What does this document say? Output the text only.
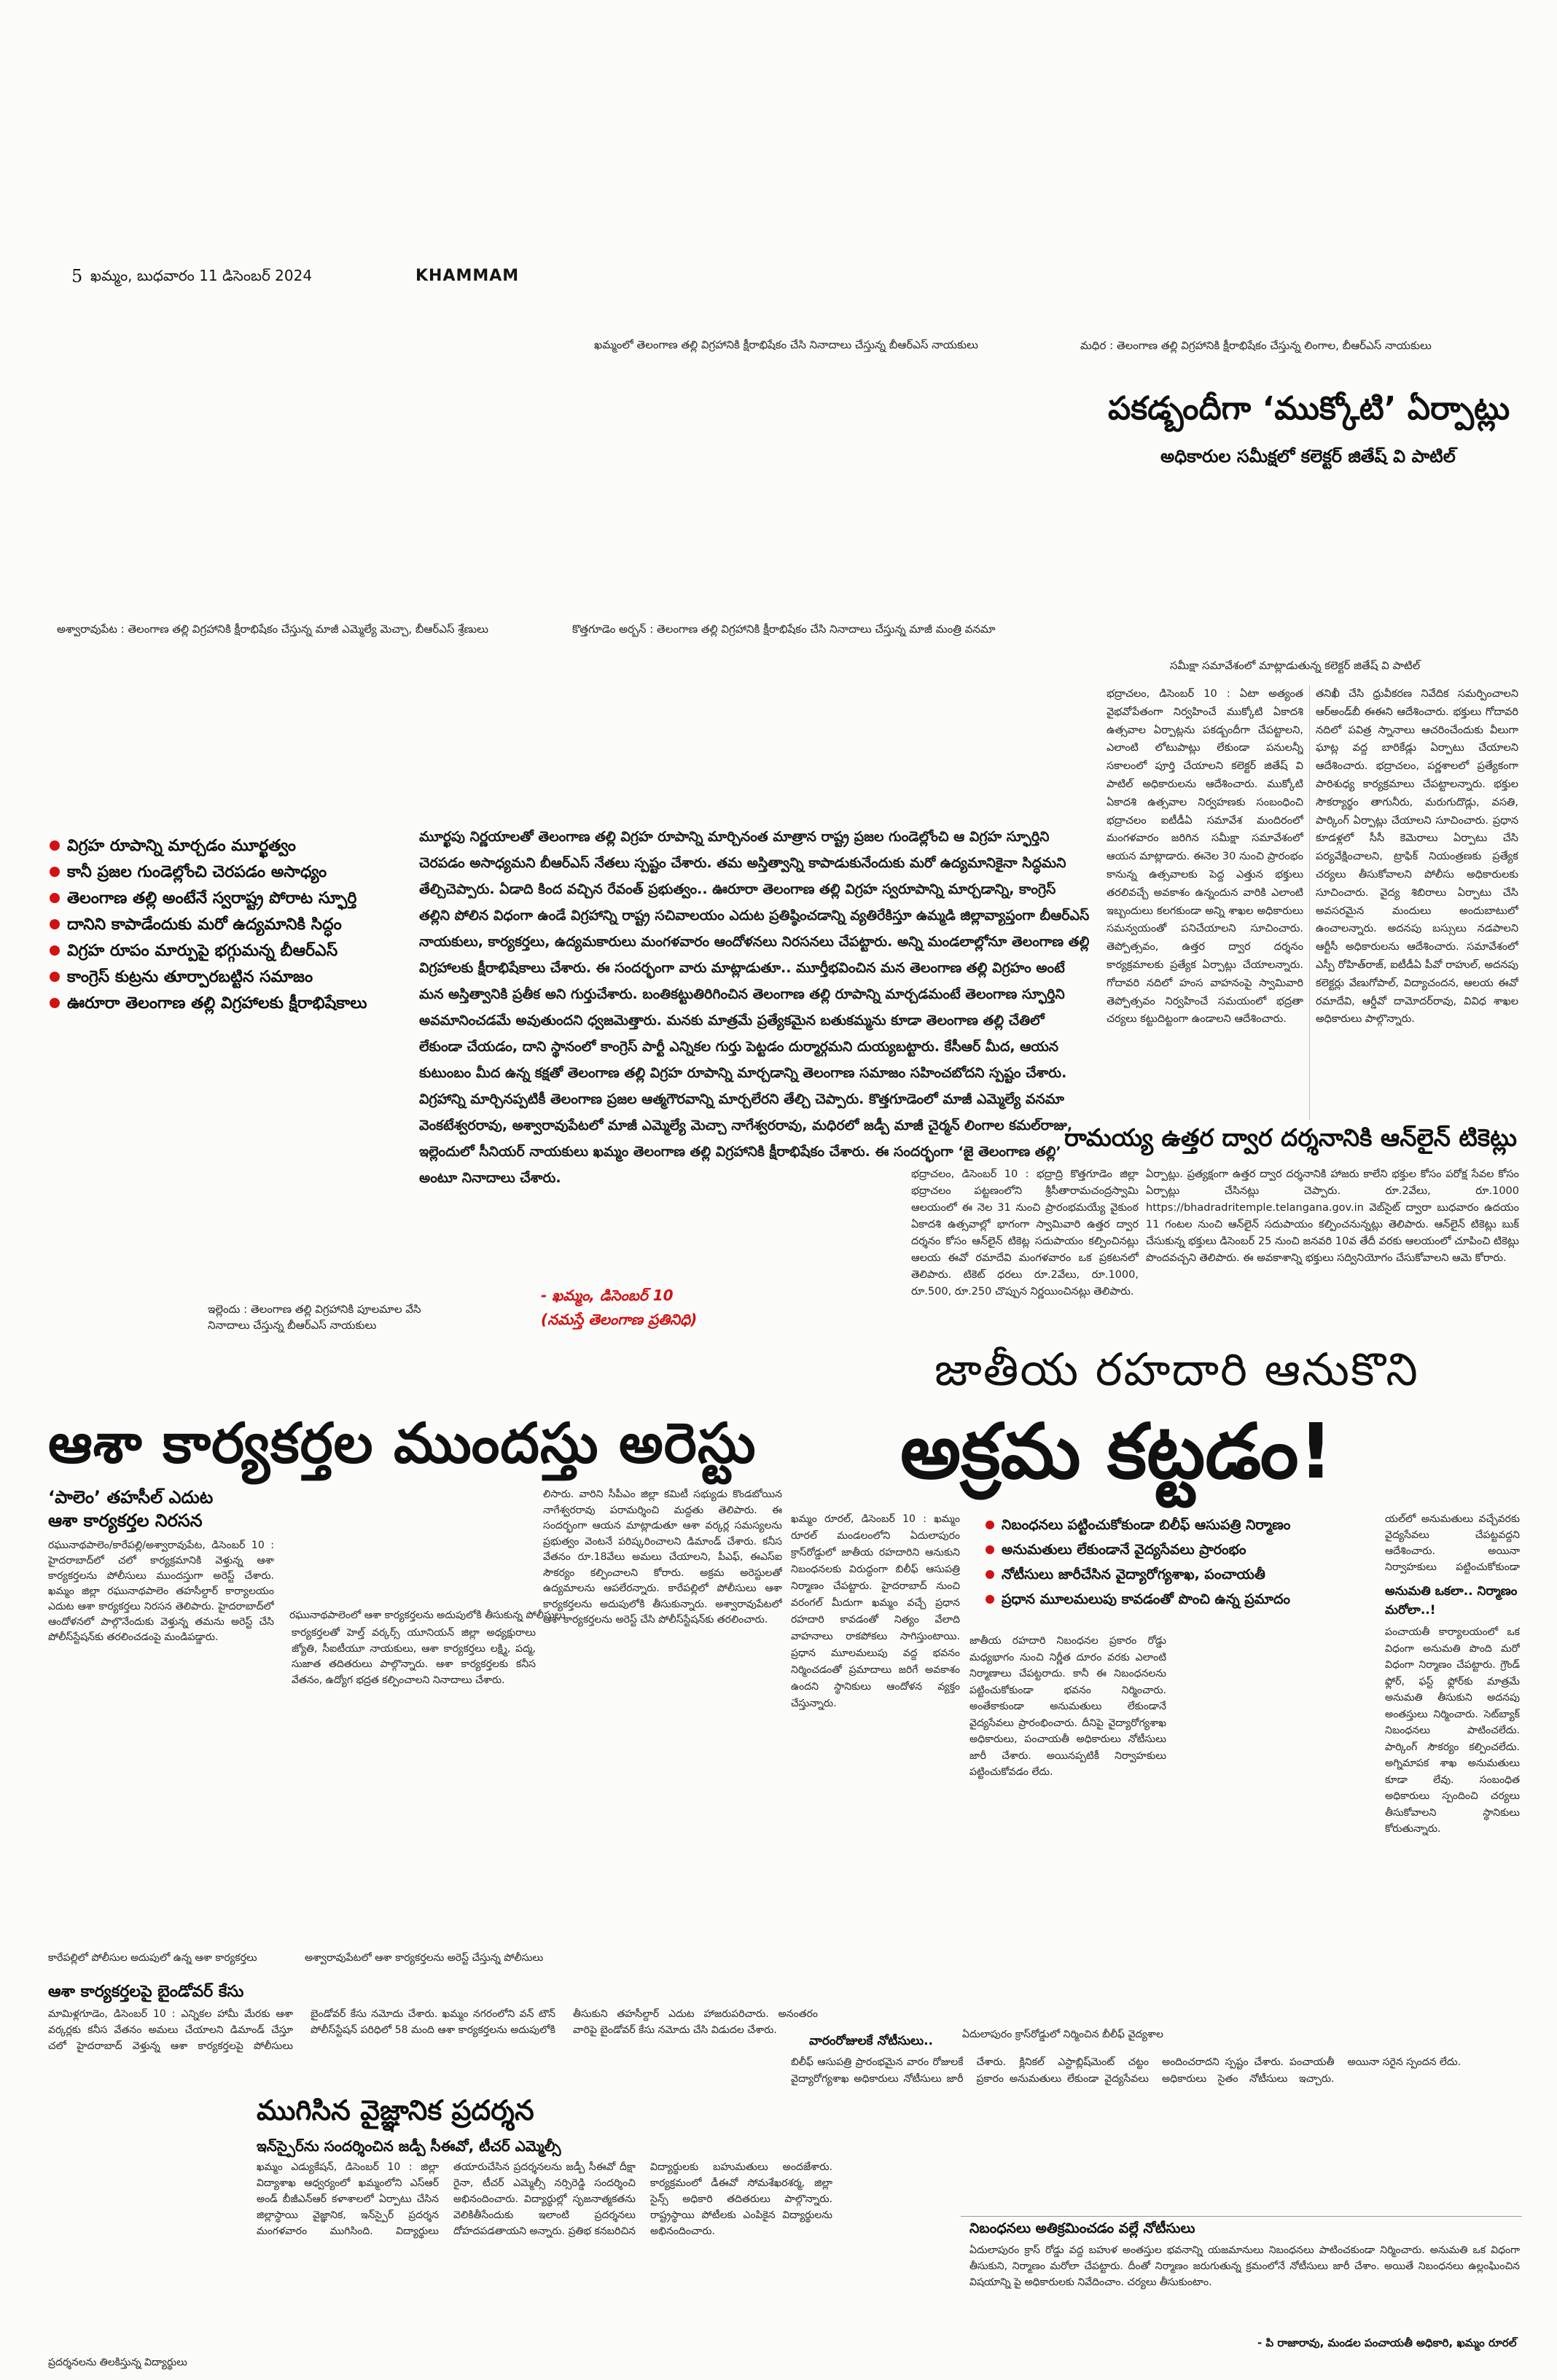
5 ఖమ్మం, బుధవారం 11 డిసెంబర్ 2024	KHAMMAM
ఖమ్మంలో తెలంగాణ తల్లి విగ్రహానికి క్షీరాభిషేకం చేసి నినాదాలు చేస్తున్న బీఆర్ఎస్ నాయకులు	మధిర : తెలంగాణ తల్లి విగ్రహానికి క్షీరాభిషేకం చేస్తున్న లింగాల, బీఆర్ఎస్ నాయకులు
పకడ్బందీగా ‘ముక్కోటి’ ఏర్పాట్లు
అధికారుల సమీక్షలో కలెక్టర్ జితేష్ వి పాటిల్
అశ్వారావుపేట : తెలంగాణ తల్లి విగ్రహానికి క్షీరాభిషేకం చేస్తున్న మాజీ ఎమ్మెల్యే మెచ్చా, బీఆర్ఎస్ శ్రేణులు	కొత్తగూడెం అర్బన్ : తెలంగాణ తల్లి విగ్రహానికి క్షీరాభిషేకం చేసి నినాదాలు చేస్తున్న మాజీ మంత్రి వనమా
సమీక్షా సమావేశంలో మాట్లాడుతున్న కలెక్టర్ జితేష్ వి పాటిల్
భద్రాచలం, డిసెంబర్ 10 : ఏటా అత్యంత వైభవోపేతంగా నిర్వహించే ముక్కోటి ఏకాదశి ఉత్సవాల ఏర్పాట్లను పకడ్బందీగా చేపట్టాలని, ఎలాంటి లోటుపాట్లు లేకుండా పనులన్నీ సకాలంలో పూర్తి చేయాలని కలెక్టర్ జితేష్ వి పాటిల్ అధికారులను ఆదేశించారు. ముక్కోటి ఏకాదశి ఉత్సవాల నిర్వహణకు సంబంధించి భద్రాచలం ఐటీడీఏ సమావేశ మందిరంలో మంగళవారం జరిగిన సమీక్షా సమావేశంలో ఆయన మాట్లాడారు. ఈనెల 30 నుంచి ప్రారంభం కానున్న ఉత్సవాలకు పెద్ద ఎత్తున భక్తులు తరలివచ్చే అవకాశం ఉన్నందున వారికి ఎలాంటి ఇబ్బందులు కలగకుండా అన్ని శాఖల అధికారులు సమన్వయంతో పనిచేయాలని సూచించారు. తెప్పోత్సవం, ఉత్తర ద్వార దర్శనం కార్యక్రమాలకు ప్రత్యేక ఏర్పాట్లు చేయాలన్నారు. గోదావరి నదిలో హంస వాహనంపై స్వామివారి తెప్పోత్సవం నిర్వహించే సమయంలో భద్రతా చర్యలు కట్టుదిట్టంగా ఉండాలని ఆదేశించారు.
తనిఖీ చేసి ధ్రువీకరణ నివేదిక సమర్పించాలని ఆర్‌అండ్‌బీ ఈఈని ఆదేశించారు. భక్తులు గోదావరి నదిలో పవిత్ర స్నానాలు ఆచరించేందుకు వీలుగా ఘాట్ల వద్ద బారికేడ్లు ఏర్పాటు చేయాలని ఆదేశించారు. భద్రాచలం, పర్ణశాలలో ప్రత్యేకంగా పారిశుధ్య కార్యక్రమాలు చేపట్టాలన్నారు. భక్తుల సౌకర్యార్థం తాగునీరు, మరుగుదొడ్లు, వసతి, పార్కింగ్ ఏర్పాట్లు చేయాలని సూచించారు. ప్రధాన కూడళ్లలో సీసీ కెమెరాలు ఏర్పాటు చేసి పర్యవేక్షించాలని, ట్రాఫిక్ నియంత్రణకు ప్రత్యేక చర్యలు తీసుకోవాలని పోలీసు అధికారులకు సూచించారు. వైద్య శిబిరాలు ఏర్పాటు చేసి అవసరమైన మందులు అందుబాటులో ఉంచాలన్నారు. అదనపు బస్సులు నడపాలని ఆర్టీసీ అధికారులను ఆదేశించారు. సమావేశంలో ఎస్పీ రోహిత్‌రాజ్, ఐటీడీఏ పీవో రాహుల్, అదనపు కలెక్టర్లు వేణుగోపాల్, విద్యాచందన, ఆలయ ఈవో రమాదేవి, ఆర్డీవో దామోదర్‌రావు, వివిధ శాఖల అధికారులు పాల్గొన్నారు.
విగ్రహ రూపాన్ని మార్చడం మూర్ఖత్వం
కానీ ప్రజల గుండెల్లోంచి చెరపడం అసాధ్యం
తెలంగాణ తల్లి అంటేనే స్వరాష్ట్ర పోరాట స్ఫూర్తి
దానిని కాపాడేందుకు మరో ఉద్యమానికి సిద్ధం
విగ్రహ రూపం మార్పుపై భగ్గుమన్న బీఆర్ఎస్
కాంగ్రెస్ కుట్రను తూర్పారబట్టిన సమాజం
ఊరూరా తెలంగాణ తల్లి విగ్రహాలకు క్షీరాభిషేకాలు
మూర్ఖపు నిర్ణయాలతో తెలంగాణ తల్లి విగ్రహ రూపాన్ని మార్చినంత మాత్రాన రాష్ట్ర ప్రజల గుండెల్లోంచి ఆ విగ్రహ స్ఫూర్తిని చెరపడం అసాధ్యమని బీఆర్ఎస్ నేతలు స్పష్టం చేశారు. తమ అస్తిత్వాన్ని కాపాడుకునేందుకు మరో ఉద్యమానికైనా సిద్ధమని తేల్చిచెప్పారు. ఏడాది కింద వచ్చిన రేవంత్ ప్రభుత్వం.. ఊరూరా తెలంగాణ తల్లి విగ్రహ స్వరూపాన్ని మార్చడాన్ని, కాంగ్రెస్ తల్లిని పోలిన విధంగా ఉండే విగ్రహాన్ని రాష్ట్ర సచివాలయం ఎదుట ప్రతిష్ఠించడాన్ని వ్యతిరేకిస్తూ ఉమ్మడి జిల్లావ్యాప్తంగా బీఆర్ఎస్ నాయకులు, కార్యకర్తలు, ఉద్యమకారులు మంగళవారం ఆందోళనలు నిరసనలు చేపట్టారు. అన్ని మండలాల్లోనూ తెలంగాణ తల్లి విగ్రహాలకు క్షీరాభిషేకాలు చేశారు. ఈ సందర్భంగా వారు మాట్లాడుతూ.. మూర్తీభవించిన మన తెలంగాణ తల్లి విగ్రహం అంటే మన అస్తిత్వానికి ప్రతీక అని గుర్తుచేశారు. బంతికట్టుతిరిగించిన తెలంగాణ తల్లి రూపాన్ని మార్చడమంటే తెలంగాణ స్ఫూర్తిని అవమానించడమే అవుతుందని ధ్వజమెత్తారు. మనకు మాత్రమే ప్రత్యేకమైన బతుకమ్మను కూడా తెలంగాణ తల్లి చేతిలో లేకుండా చేయడం, దాని స్థానంలో కాంగ్రెస్ పార్టీ ఎన్నికల గుర్తు పెట్టడం దుర్మార్గమని దుయ్యబట్టారు. కేసీఆర్ మీద, ఆయన కుటుంబం మీద ఉన్న కక్షతో తెలంగాణ తల్లి విగ్రహ రూపాన్ని మార్చడాన్ని తెలంగాణ సమాజం సహించబోదని స్పష్టం చేశారు. విగ్రహాన్ని మార్చినప్పటికీ తెలంగాణ ప్రజల ఆత్మగౌరవాన్ని మార్చలేరని తేల్చి చెప్పారు. కొత్తగూడెంలో మాజీ ఎమ్మెల్యే వనమా వెంకటేశ్వరరావు, అశ్వారావుపేటలో మాజీ ఎమ్మెల్యే మెచ్చా నాగేశ్వరరావు, మధిరలో జడ్పీ మాజీ చైర్మన్ లింగాల కమల్‌రాజు, ఇల్లెందులో సీనియర్ నాయకులు ఖమ్మం తెలంగాణ తల్లి విగ్రహానికి క్షీరాభిషేకం చేశారు. ఈ సందర్భంగా ‘జై తెలంగాణ తల్లి’ అంటూ నినాదాలు చేశారు.
- ఖమ్మం, డిసెంబర్ 10
(నమస్తే తెలంగాణ ప్రతినిధి)
ఇల్లెందు : తెలంగాణ తల్లి విగ్రహానికి పూలమాల వేసి నినాదాలు చేస్తున్న బీఆర్ఎస్ నాయకులు
రామయ్య ఉత్తర ద్వార దర్శనానికి ఆన్‌లైన్ టికెట్లు
భద్రాచలం, డిసెంబర్ 10 : భద్రాద్రి కొత్తగూడెం జిల్లా భద్రాచలం పట్టణంలోని శ్రీసీతారామచంద్రస్వామి ఆలయంలో ఈ నెల 31 నుంచి ప్రారంభమయ్యే వైకుంఠ ఏకాదశి ఉత్సవాల్లో భాగంగా స్వామివారి ఉత్తర ద్వార దర్శనం కోసం ఆన్‌లైన్ టికెట్ల సదుపాయం కల్పించినట్లు ఆలయ ఈవో రమాదేవి మంగళవారం ఒక ప్రకటనలో తెలిపారు. టికెట్ ధరలు రూ.2వేలు, రూ.1000, రూ.500, రూ.250 చొప్పున నిర్ణయించినట్లు తెలిపారు.
ఏర్పాట్లు. ప్రత్యక్షంగా ఉత్తర ద్వార దర్శనానికి హాజరు కాలేని భక్తుల కోసం పరోక్ష సేవల కోసం ఏర్పాట్లు చేసినట్లు చెప్పారు. రూ.2వేలు, రూ.1000 https://bhadradritemple.telangana.gov.in వెబ్‌సైట్ ద్వారా బుధవారం ఉదయం 11 గంటల నుంచి ఆన్‌లైన్ సదుపాయం కల్పించనున్నట్లు తెలిపారు. ఆన్‌లైన్ టికెట్లు బుక్ చేసుకున్న భక్తులు డిసెంబర్ 25 నుంచి జనవరి 10వ తేదీ వరకు ఆలయంలో చూపించి టికెట్లు పొందవచ్చని తెలిపారు. ఈ అవకాశాన్ని భక్తులు సద్వినియోగం చేసుకోవాలని ఆమె కోరారు.
జాతీయ రహదారి ఆనుకొని
అక్రమ కట్టడం!
ఆశా కార్యకర్తల ముందస్తు అరెస్టు
‘పాలెం’ తహసీల్ ఎదుట
ఆశా కార్యకర్తల నిరసన
రఘునాథపాలెం/కారేపల్లి/అశ్వారావుపేట, డిసెంబర్ 10 : హైదరాబాద్‌లో చలో కార్యక్రమానికి వెళ్తున్న ఆశా కార్యకర్తలను పోలీసులు ముందస్తుగా అరెస్ట్ చేశారు. ఖమ్మం జిల్లా రఘునాథపాలెం తహసీల్దార్ కార్యాలయం ఎదుట ఆశా కార్యకర్తలు నిరసన తెలిపారు. హైదరాబాద్‌లో ఆందోళనలో పాల్గొనేందుకు వెళ్తున్న తమను అరెస్ట్ చేసి పోలీస్‌స్టేషన్‌కు తరలించడంపై మండిపడ్డారు.
రఘునాథపాలెంలో ఆశా కార్యకర్తలను అదుపులోకి తీసుకున్న పోలీసులు
లిసారు. వారిని సీపీఎం జిల్లా కమిటీ సభ్యుడు కొండబోయిన నాగేశ్వరరావు పరామర్శించి మద్దతు తెలిపారు. ఈ సందర్భంగా ఆయన మాట్లాడుతూ ఆశా వర్కర్ల సమస్యలను ప్రభుత్వం వెంటనే పరిష్కరించాలని డిమాండ్ చేశారు. కనీస వేతనం రూ.18వేలు అమలు చేయాలని, పీఎఫ్, ఈఎస్ఐ సౌకర్యం కల్పించాలని కోరారు. అక్రమ అరెస్టులతో ఉద్యమాలను ఆపలేరన్నారు. కారేపల్లిలో పోలీసులు ఆశా కార్యకర్తలను అదుపులోకి తీసుకున్నారు. అశ్వారావుపేటలో ఆశా కార్యకర్తలను అరెస్ట్ చేసి పోలీస్‌స్టేషన్‌కు తరలించారు.
కార్యకర్తలతో హెల్త్ వర్కర్స్ యూనియన్ జిల్లా అధ్యక్షురాలు జ్యోతి, సీఐటీయూ నాయకులు, ఆశా కార్యకర్తలు లక్ష్మి, పద్మ, సుజాత తదితరులు పాల్గొన్నారు. ఆశా కార్యకర్తలకు కనీస వేతనం, ఉద్యోగ భద్రత కల్పించాలని నినాదాలు చేశారు.
కారేపల్లిలో పోలీసుల అదుపులో ఉన్న ఆశా కార్యకర్తలు	అశ్వారావుపేటలో ఆశా కార్యకర్తలను అరెస్ట్ చేస్తున్న పోలీసులు
ఆశా కార్యకర్తలపై బైండోవర్ కేసు
మామిళ్లగూడెం, డిసెంబర్ 10 : ఎన్నికల హామీ మేరకు ఆశా వర్కర్లకు కనీస వేతనం అమలు చేయాలని డిమాండ్ చేస్తూ చలో హైదరాబాద్ వెళ్తున్న ఆశా కార్యకర్తలపై పోలీసులు బైండోవర్ కేసు నమోదు చేశారు. ఖమ్మం నగరంలోని వన్ టౌన్ పోలీస్‌స్టేషన్ పరిధిలో 58 మంది ఆశా కార్యకర్తలను అదుపులోకి తీసుకుని తహసీల్దార్ ఎదుట హాజరుపరిచారు. అనంతరం వారిపై బైండోవర్ కేసు నమోదు చేసి విడుదల చేశారు.
ముగిసిన వైజ్ఞానిక ప్రదర్శన
ఇన్‌స్పైర్‌ను సందర్శించిన జడ్పీ సీఈవో, టీచర్ ఎమ్మెల్సీ
ప్రదర్శనలను తిలకిస్తున్న విద్యార్థులు
ఖమ్మం ఎడ్యుకేషన్, డిసెంబర్ 10 : జిల్లా విద్యాశాఖ ఆధ్వర్యంలో ఖమ్మంలోని ఎస్‌ఆర్ అండ్ బీజీఎన్‌ఆర్ కళాశాలలో ఏర్పాటు చేసిన జిల్లాస్థాయి వైజ్ఞానిక, ఇన్‌స్పైర్ ప్రదర్శన మంగళవారం ముగిసింది. విద్యార్థులు తయారుచేసిన ప్రదర్శనలను జడ్పీ సీఈవో దీక్షా రైనా, టీచర్ ఎమ్మెల్సీ నర్సిరెడ్డి సందర్శించి అభినందించారు. విద్యార్థుల్లో సృజనాత్మకతను వెలికితీసేందుకు ఇలాంటి ప్రదర్శనలు దోహదపడతాయని అన్నారు. ప్రతిభ కనబరిచిన విద్యార్థులకు బహుమతులు అందజేశారు. కార్యక్రమంలో డీఈవో సోమశేఖరశర్మ, జిల్లా సైన్స్ అధికారి తదితరులు పాల్గొన్నారు. రాష్ట్రస్థాయి పోటీలకు ఎంపికైన విద్యార్థులను అభినందించారు.
ఖమ్మం రూరల్, డిసెంబర్ 10 : ఖమ్మం రూరల్ మండలంలోని ఏదులాపురం క్రాస్‌రోడ్డులో జాతీయ రహదారిని ఆనుకుని నిబంధనలకు విరుద్ధంగా బిలీఫ్ ఆసుపత్రి నిర్మాణం చేపట్టారు. హైదరాబాద్ నుంచి వరంగల్ మీదుగా ఖమ్మం వచ్చే ప్రధాన రహదారి కావడంతో నిత్యం వేలాది వాహనాలు రాకపోకలు సాగిస్తుంటాయి. ప్రధాన మూలమలుపు వద్ద భవనం నిర్మించడంతో ప్రమాదాలు జరిగే అవకాశం ఉందని స్థానికులు ఆందోళన వ్యక్తం చేస్తున్నారు.
నిబంధనలు పట్టించుకోకుండా బిలీఫ్ ఆసుపత్రి నిర్మాణం
అనుమతులు లేకుండానే వైద్యసేవలు ప్రారంభం
నోటీసులు జారీచేసిన వైద్యారోగ్యశాఖ, పంచాయతీ
ప్రధాన మూలమలుపు కావడంతో పొంచి ఉన్న ప్రమాదం
యల్‌లో అనుమతులు వచ్చేవరకు వైద్యసేవలు చేపట్టవద్దని ఆదేశించారు. అయినా నిర్వాహకులు పట్టించుకోకుండా
అనుమతి ఒకలా.. నిర్మాణం మరోలా..!
పంచాయతీ కార్యాలయంలో ఒక విధంగా అనుమతి పొంది మరో విధంగా నిర్మాణం చేపట్టారు. గ్రౌండ్ ఫ్లోర్, ఫస్ట్ ఫ్లోర్‌కు మాత్రమే అనుమతి తీసుకుని అదనపు అంతస్తులు నిర్మించారు. సెట్‌బ్యాక్ నిబంధనలు పాటించలేదు. పార్కింగ్ సౌకర్యం కల్పించలేదు. అగ్నిమాపక శాఖ అనుమతులు కూడా లేవు. సంబంధిత అధికారులు స్పందించి చర్యలు తీసుకోవాలని స్థానికులు కోరుతున్నారు.
జాతీయ రహదారి నిబంధనల ప్రకారం రోడ్డు మధ్యభాగం నుంచి నిర్ణీత దూరం వరకు ఎలాంటి నిర్మాణాలు చేపట్టరాదు. కానీ ఈ నిబంధనలను పట్టించుకోకుండా భవనం నిర్మించారు. అంతేకాకుండా అనుమతులు లేకుండానే వైద్యసేవలు ప్రారంభించారు. దీనిపై వైద్యారోగ్యశాఖ అధికారులు, పంచాయతీ అధికారులు నోటీసులు జారీ చేశారు. అయినప్పటికీ నిర్వాహకులు పట్టించుకోవడం లేదు.
ఏదులాపురం క్రాస్‌రోడ్డులో నిర్మించిన బీలీఫ్ వైద్యశాల
వారంరోజులకే నోటీసులు..
బిలీఫ్ ఆసుపత్రి ప్రారంభమైన వారం రోజులకే వైద్యారోగ్యశాఖ అధికారులు నోటీసులు జారీ చేశారు. క్లినికల్ ఎస్టాబ్లిష్‌మెంట్ చట్టం ప్రకారం అనుమతులు లేకుండా వైద్యసేవలు అందించరాదని స్పష్టం చేశారు. పంచాయతీ అధికారులు సైతం నోటీసులు ఇచ్చారు. అయినా సరైన స్పందన లేదు.
నిబంధనలు అతిక్రమించడం వల్లే నోటీసులు
ఏదులాపురం క్రాస్ రోడ్డు వద్ద బహుళ అంతస్తుల భవనాన్ని యజమానులు నిబంధనలు పాటించకుండా నిర్మించారు. అనుమతి ఒక విధంగా తీసుకుని, నిర్మాణం మరోలా చేపట్టారు. దీంతో నిర్మాణం జరుగుతున్న క్రమంలోనే నోటీసులు జారీ చేశాం. అయితే నిబంధనలు ఉల్లంఘించిన విషయాన్ని పై అధికారులకు నివేదించాం. చర్యలు తీసుకుంటాం.
- పి రాజారావు, మండల పంచాయతీ అధికారి, ఖమ్మం రూరల్
